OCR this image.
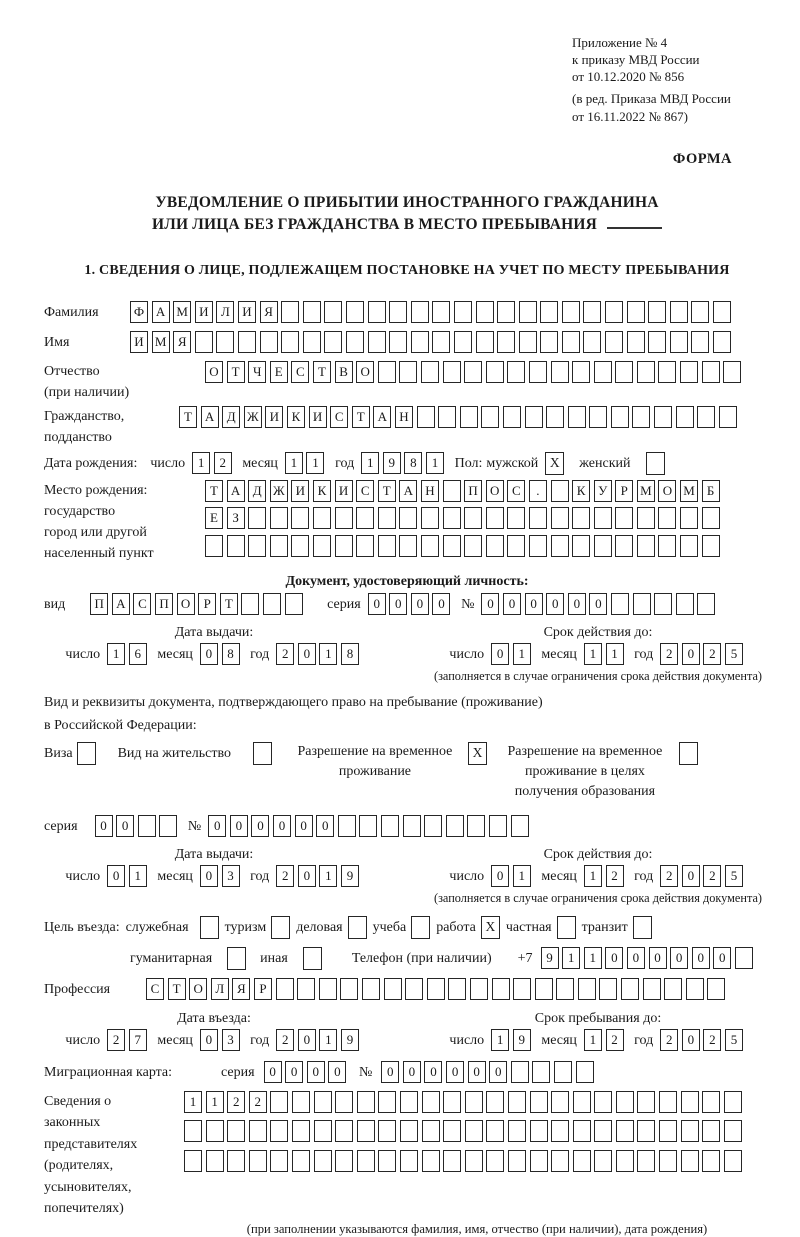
Приложение № 4
к приказу МВД России
от 10.12.2020 № 856
(в ред. Приказа МВД России
от 16.11.2022 № 867)
ФОРМА
УВЕДОМЛЕНИЕ О ПРИБЫТИИ ИНОСТРАННОГО ГРАЖДАНИНА
ИЛИ ЛИЦА БЕЗ ГРАЖДАНСТВА В МЕСТО ПРЕБЫВАНИЯ
1. СВЕДЕНИЯ О ЛИЦЕ, ПОДЛЕЖАЩЕМ ПОСТАНОВКЕ НА УЧЕТ ПО МЕСТУ ПРЕБЫВАНИЯ
Фамилия	Ф А М И Л И Я
Имя	И М Я
Отчество
(при наличии)
О Т	Ч	Е	С	Т	В О
Гражданство,
подданство
Т А Д Ж И К И С	Т А Н
Дата рождения: число 1	2	месяц 1	1	год 1	9	8	1	Пол: мужской X	женский
Место рождения:
государство
город или другой
населенный пункт
Т А Д Ж И К И С	Т А Н	П О С	.	К У	Р М О М Б

Е	З

Документ, удостоверяющий личность:
вид	П А С П О	Р	Т	серия 0	0	0	0	№ 0	0	0	0	0	0
Дата выдачи:
число 1	6	месяц 0	8	год 2	0	1	8
Срок действия до:
число 0	1	месяц 1	1	год 2	0	2	5
(заполняется в случае ограничения срока действия документа)
Вид и реквизиты документа, подтверждающего право на пребывание (проживание)
в Российской Федерации:
Виза	Вид на жительство	Разрешение на временное проживание
X	Разрешение на временное проживание в целях получения образования
серия	0	0	№ 0	0	0	0	0	0
Дата выдачи:
число 0	1	месяц 0	3	год 2	0	1	9
Срок действия до:
число 0	1	месяц 1	2	год 2	0	2	5
(заполняется в случае ограничения срока действия документа)
Цель въезда: служебная	туризм деловая учеба работа X частная транзит
гуманитарная	иная	Телефон (при наличии) +7	9	1	1	0	0	0	0	0	0
Профессия	С	Т О Л Я	Р
Дата въезда:
число 2	7	месяц 0	3	год 2	0	1	9
Срок пребывания до:
число 1	9	месяц 1	2	год 2	0	2	5
Миграционная карта:	серия	0	0	0	0	№	0	0	0	0	0	0
Сведения о
законных
представителях
(родителях,
усыновителях,
попечителях)
1	1	2	2
(при заполнении указываются фамилия, имя, отчество (при наличии), дата рождения)
